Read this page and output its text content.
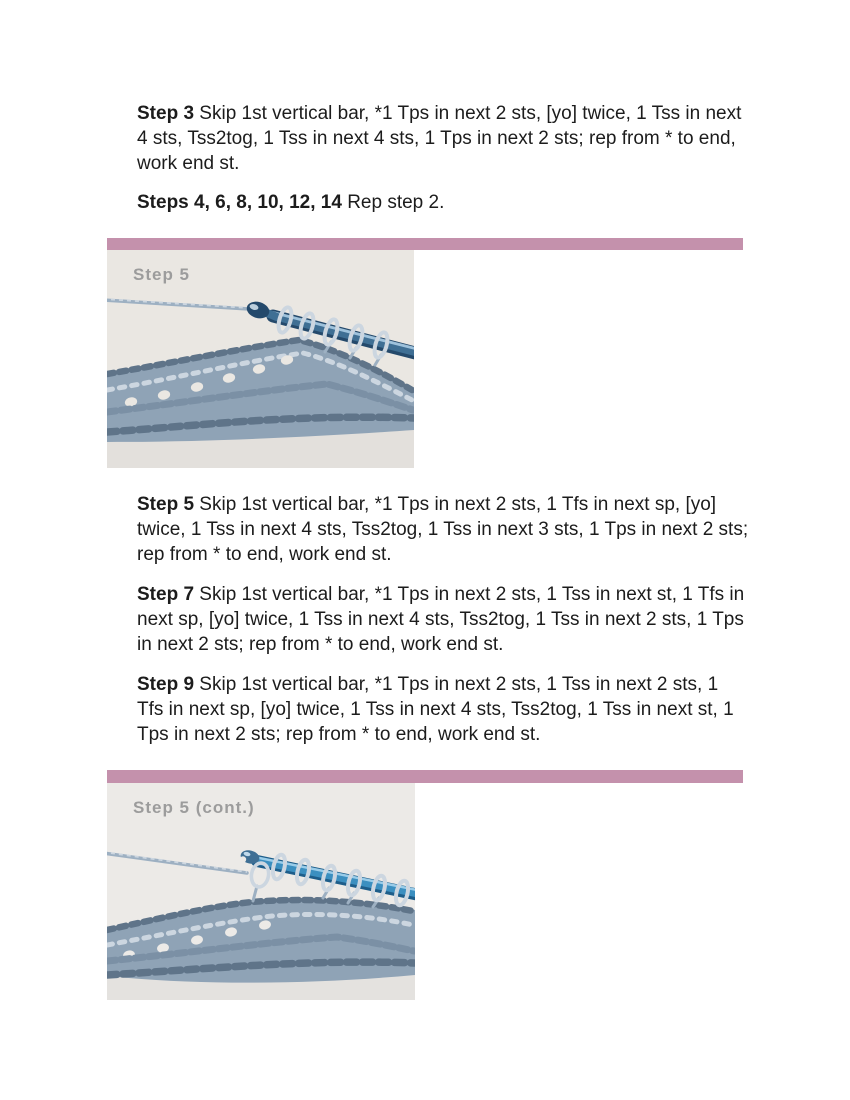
Step 3 Skip 1st vertical bar, *1 Tps in next 2 sts, [yo] twice, 1 Tss in next 4 sts, Tss2tog, 1 Tss in next 4 sts, 1 Tps in next 2 sts; rep from * to end, work end st.

Steps 4, 6, 8, 10, 12, 14 Rep step 2.

Step 5

Step 5 Skip 1st vertical bar, *1 Tps in next 2 sts, 1 Tfs in next sp, [yo] twice, 1 Tss in next 4 sts, Tss2tog, 1 Tss in next 3 sts, 1 Tps in next 2 sts; rep from * to end, work end st.

Step 7 Skip 1st vertical bar, *1 Tps in next 2 sts, 1 Tss in next st, 1 Tfs in next sp, [yo] twice, 1 Tss in next 4 sts, Tss2tog, 1 Tss in next 2 sts, 1 Tps in next 2 sts; rep from * to end, work end st.

Step 9 Skip 1st vertical bar, *1 Tps in next 2 sts, 1 Tss in next 2 sts, 1 Tfs in next sp, [yo] twice, 1 Tss in next 4 sts, Tss2tog, 1 Tss in next st, 1 Tps in next 2 sts; rep from * to end, work end st.

Step 5 (cont.)
